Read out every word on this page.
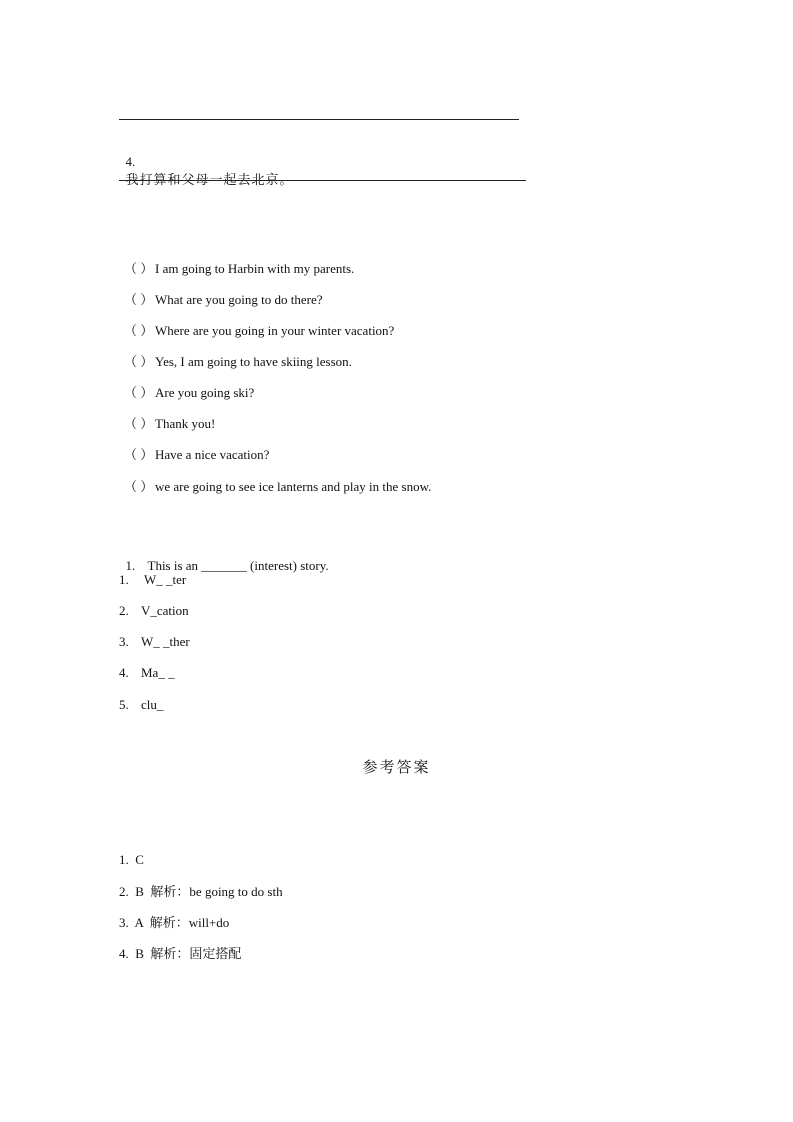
4.
我打算和父母一起去北京。

（ ） I am going to Harbin with my parents.
（ ） What are you going to do there?
（ ） Where are you going in your winter vacation?
（ ） Yes, I am going to have skiing lesson.
（ ） Are you going ski?
（ ） Thank you!
（ ） Have a nice vacation?
（ ） we are going to see ice lanterns and play in the snow.

1. This is an _______ (interest) story.

1. W_ _ter
2. V_cation
3. W_ _ther
4. Ma_ _
5. clu_
参考答案
1.  C
2.  B  解析：be going to do sth
3.  A  解析：will+do
4.  B  解析：固定搭配
